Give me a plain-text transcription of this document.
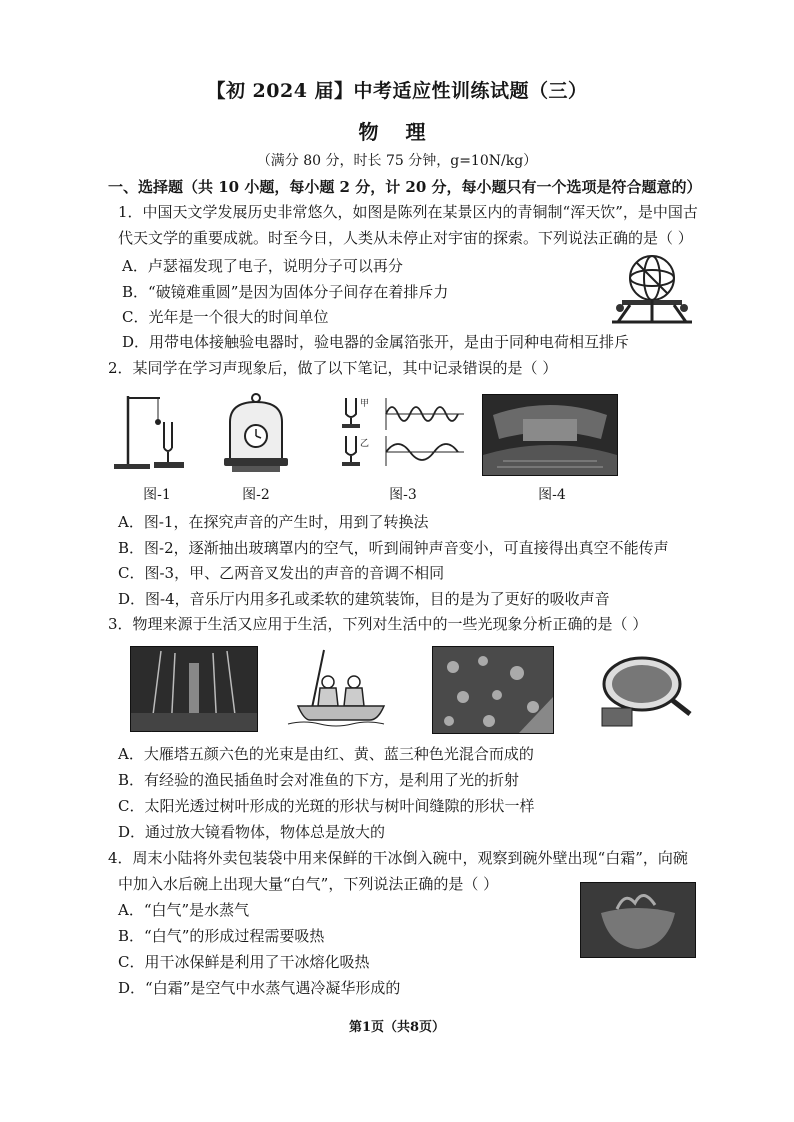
【初 2024 届】中考适应性训练试题（三）
物 理
（满分 80 分，时长 75 分钟，g=10N/kg）
一、选择题（共 10 小题，每小题 2 分，计 20 分，每小题只有一个选项是符合题意的）
1．中国天文学发展历史非常悠久，如图是陈列在某景区内的青铜制“浑天饮”，是中国古
代天文学的重要成就。时至今日，人类从未停止对宇宙的探索。下列说法正确的是（ ）
A．卢瑟福发现了电子，说明分子可以再分
B．“破镜难重圆”是因为固体分子间存在着排斥力
C．光年是一个很大的时间单位
D．用带电体接触验电器时，验电器的金属箔张开，是由于同种电荷相互排斥
2．某同学在学习声现象后，做了以下笔记，其中记录错误的是（ ）
图-1	图-2
甲
乙
图-3	图-4
A．图-1，在探究声音的产生时，用到了转换法
B．图-2，逐渐抽出玻璃罩内的空气，听到闹钟声音变小，可直接得出真空不能传声
C．图-3，甲、乙两音叉发出的声音的音调不相同
D．图-4，音乐厅内用多孔或柔软的建筑装饰，目的是为了更好的吸收声音
3．物理来源于生活又应用于生活，下列对生活中的一些光现象分析正确的是（ ）
A．大雁塔五颜六色的光束是由红、黄、蓝三种色光混合而成的
B．有经验的渔民插鱼时会对准鱼的下方，是利用了光的折射
C．太阳光透过树叶形成的光斑的形状与树叶间缝隙的形状一样
D．通过放大镜看物体，物体总是放大的
4．周末小陆将外卖包装袋中用来保鲜的干冰倒入碗中，观察到碗外壁出现“白霜”，向碗
中加入水后碗上出现大量“白气”，下列说法正确的是（ ）
A．“白气”是水蒸气
B．“白气”的形成过程需要吸热
C．用干冰保鲜是利用了干冰熔化吸热
D．“白霜”是空气中水蒸气遇冷凝华形成的
第1页（共8页）
